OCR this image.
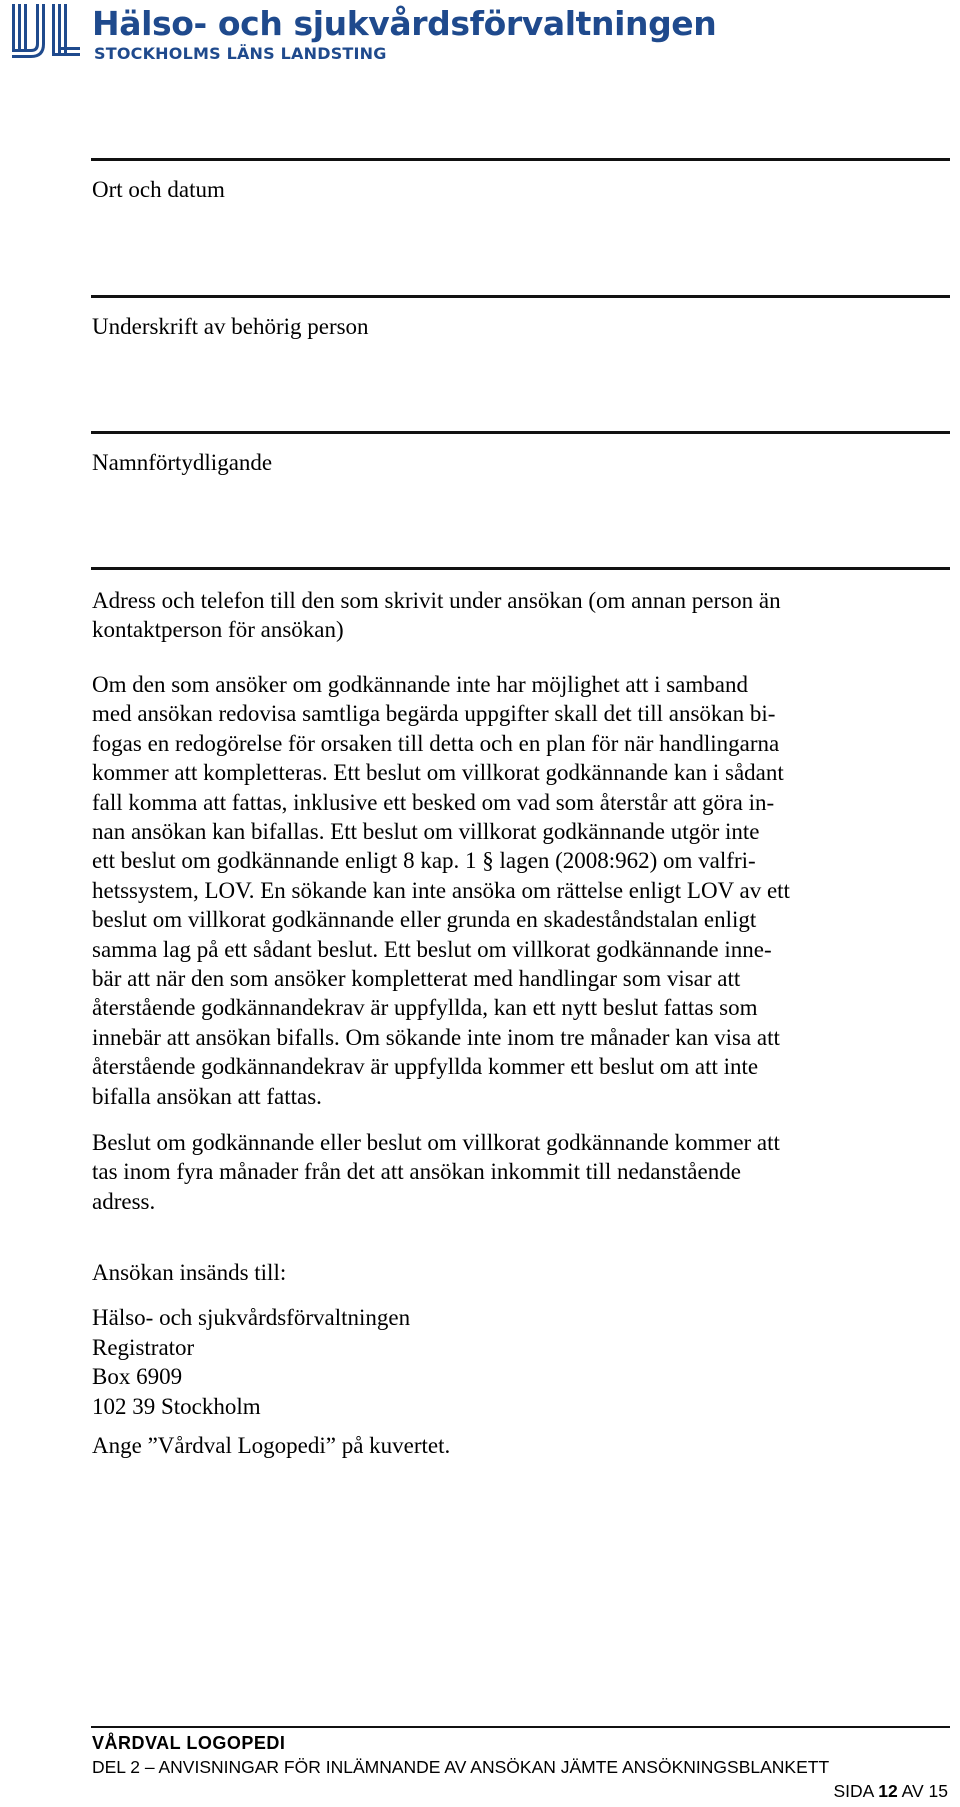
Hälso- och sjukvårdsförvaltningen
STOCKHOLMS LÄNS LANDSTING
Ort och datum
Underskrift av behörig person
Namnförtydligande
Adress och telefon till den som skrivit under ansökan (om annan person än
kontaktperson för ansökan)
Om den som ansöker om godkännande inte har möjlighet att i samband
med ansökan redovisa samtliga begärda uppgifter skall det till ansökan bi-
fogas en redogörelse för orsaken till detta och en plan för när handlingarna
kommer att kompletteras. Ett beslut om villkorat godkännande kan i sådant
fall komma att fattas, inklusive ett besked om vad som återstår att göra in-
nan ansökan kan bifallas. Ett beslut om villkorat godkännande utgör inte
ett beslut om godkännande enligt 8 kap. 1 § lagen (2008:962) om valfri-
hetssystem, LOV. En sökande kan inte ansöka om rättelse enligt LOV av ett
beslut om villkorat godkännande eller grunda en skadeståndstalan enligt
samma lag på ett sådant beslut. Ett beslut om villkorat godkännande inne-
bär att när den som ansöker kompletterat med handlingar som visar att
återstående godkännandekrav är uppfyllda, kan ett nytt beslut fattas som
innebär att ansökan bifalls. Om sökande inte inom tre månader kan visa att
återstående godkännandekrav är uppfyllda kommer ett beslut om att inte
bifalla ansökan att fattas.
Beslut om godkännande eller beslut om villkorat godkännande kommer att
tas inom fyra månader från det att ansökan inkommit till nedanstående
adress.
Ansökan insänds till:
Hälso- och sjukvårdsförvaltningen
Registrator
Box 6909
102 39 Stockholm
Ange ”Vårdval Logopedi” på kuvertet.
VÅRDVAL LOGOPEDI
DEL 2 – ANVISNINGAR FÖR INLÄMNANDE AV ANSÖKAN JÄMTE ANSÖKNINGSBLANKETT
SIDA 12 AV 15
